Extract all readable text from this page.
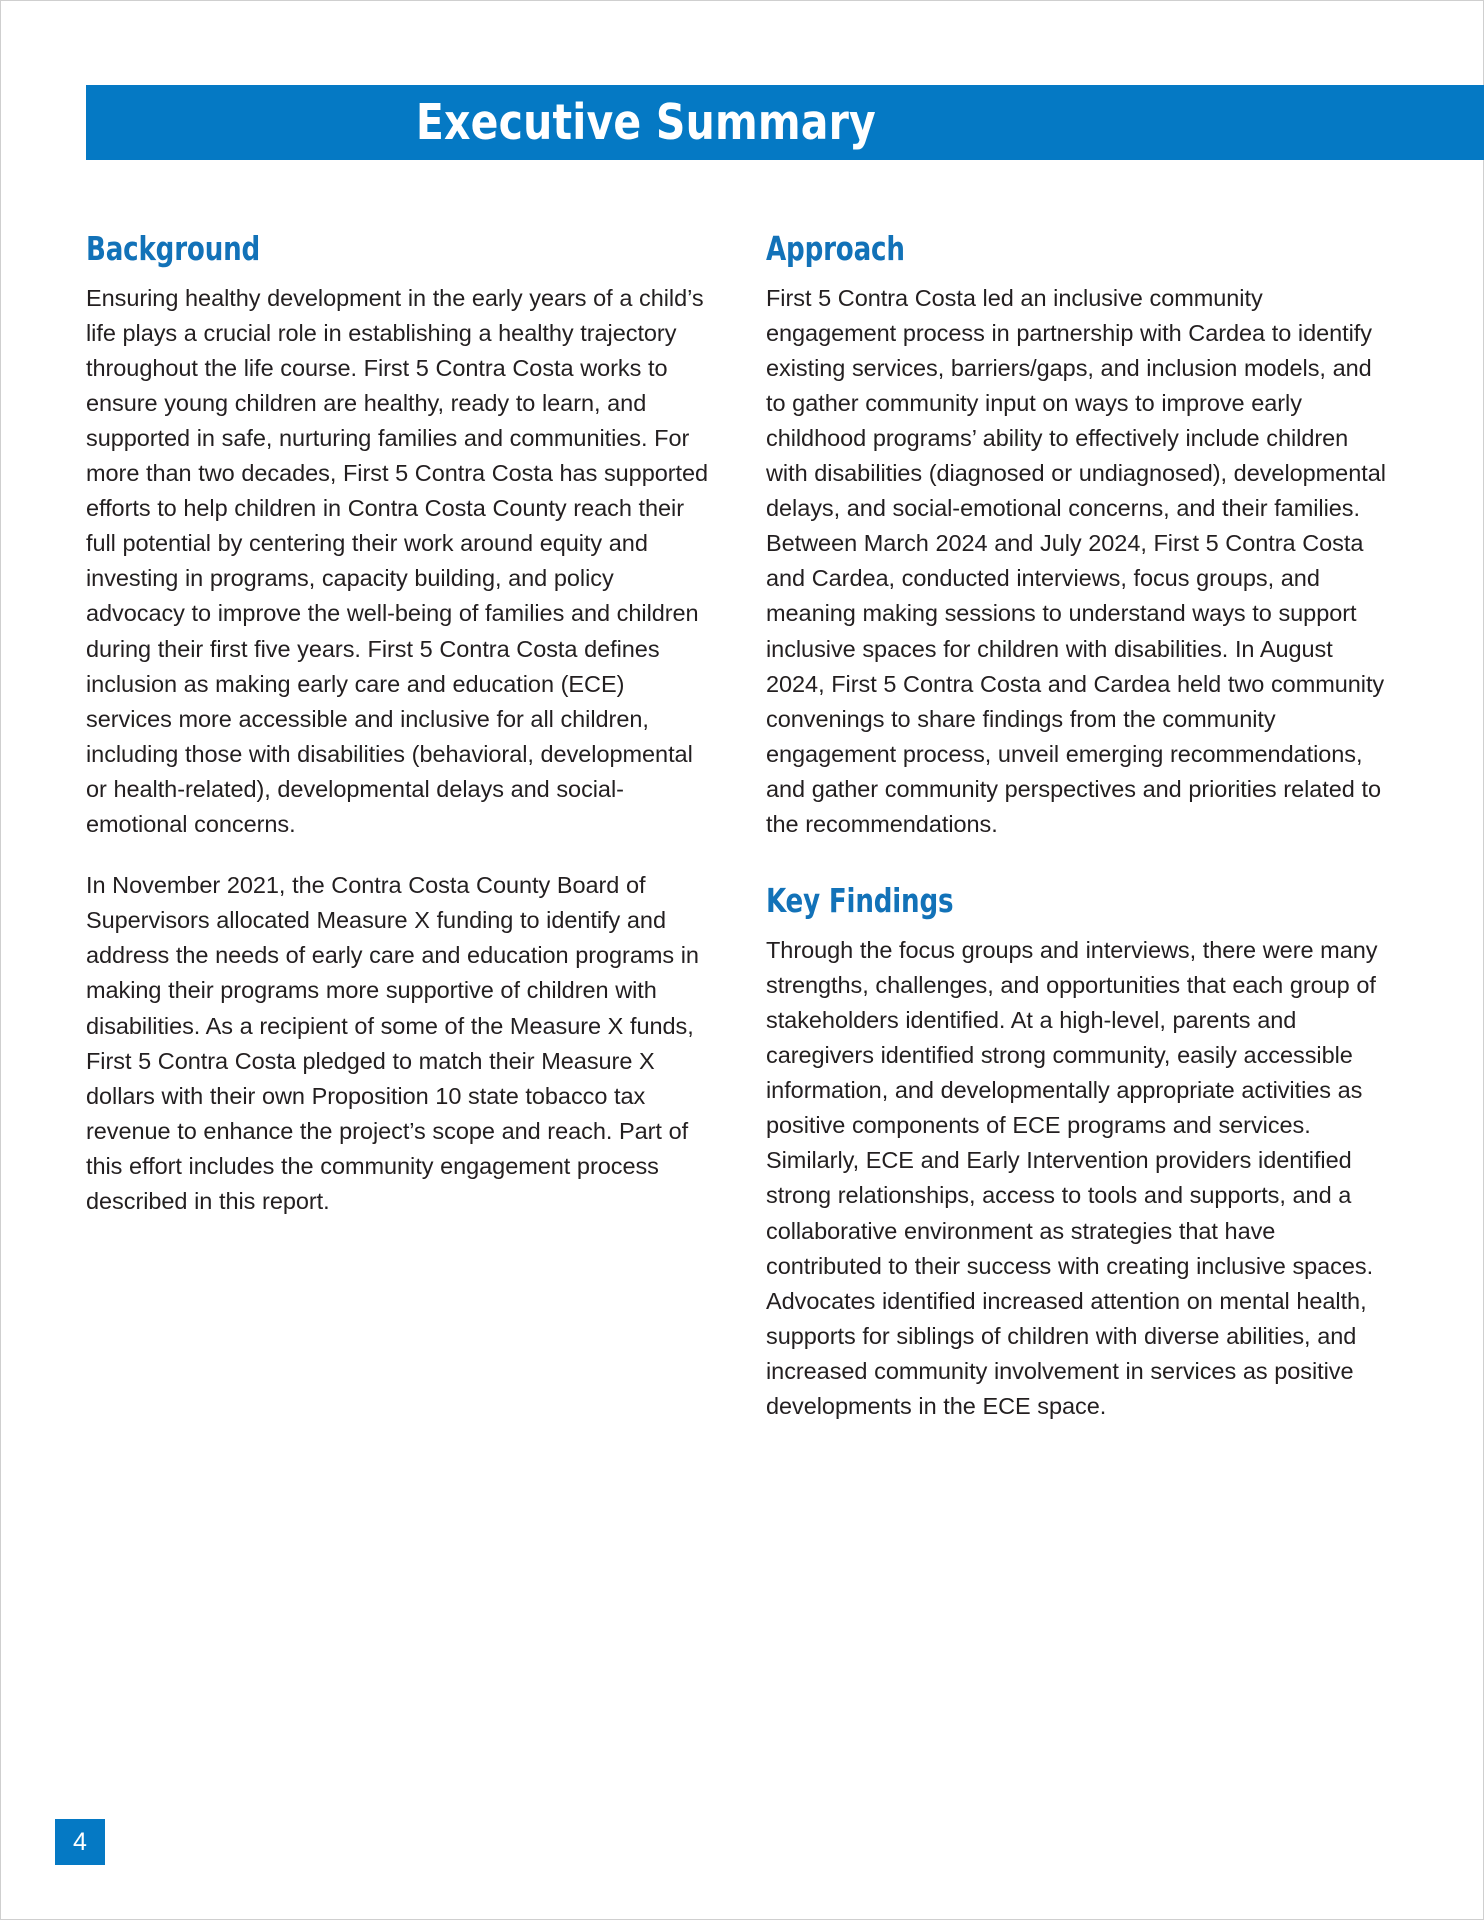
Executive Summary
Background

Ensuring healthy development in the early years of a child’s life plays a crucial role in establishing a healthy trajectory throughout the life course. First 5 Contra Costa works to ensure young children are healthy, ready to learn, and supported in safe, nurturing families and communities. For more than two decades, First 5 Contra Costa has supported efforts to help children in Contra Costa County reach their full potential by centering their work around equity and investing in programs, capacity building, and policy advocacy to improve the well-being of families and children during their first five years. First 5 Contra Costa defines inclusion as making early care and education (ECE) services more accessible and inclusive for all children, including those with disabilities (behavioral, developmental or health-related), developmental delays and social-emotional concerns.

In November 2021, the Contra Costa County Board of Supervisors allocated Measure X funding to identify and address the needs of early care and education programs in making their programs more supportive of children with disabilities. As a recipient of some of the Measure X funds, First 5 Contra Costa pledged to match their Measure X dollars with their own Proposition 10 state tobacco tax revenue to enhance the project’s scope and reach. Part of this effort includes the community engagement process described in this report.

Approach

First 5 Contra Costa led an inclusive community engagement process in partnership with Cardea to identify existing services, barriers/gaps, and inclusion models, and to gather community input on ways to improve early childhood programs’ ability to effectively include children with disabilities (diagnosed or undiagnosed), developmental delays, and social-emotional concerns, and their families. Between March 2024 and July 2024, First 5 Contra Costa and Cardea, conducted interviews, focus groups, and meaning making sessions to understand ways to support inclusive spaces for children with disabilities. In August 2024, First 5 Contra Costa and Cardea held two community convenings to share findings from the community engagement process, unveil emerging recommendations, and gather community perspectives and priorities related to the recommendations.

Key Findings

Through the focus groups and interviews, there were many strengths, challenges, and opportunities that each group of stakeholders identified. At a high-level, parents and caregivers identified strong community, easily accessible information, and developmentally appropriate activities as positive components of ECE programs and services. Similarly, ECE and Early Intervention providers identified strong relationships, access to tools and supports, and a collaborative environment as strategies that have contributed to their success with creating inclusive spaces. Advocates identified increased attention on mental health, supports for siblings of children with diverse abilities, and increased community involvement in services as positive developments in the ECE space.

4
